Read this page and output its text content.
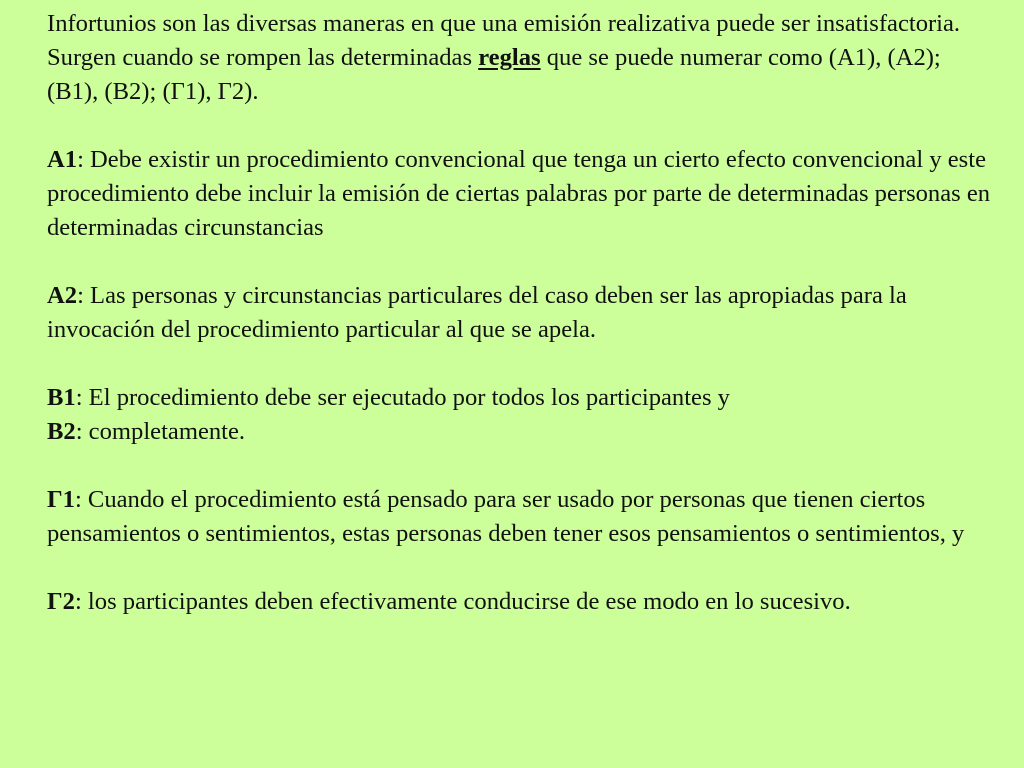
Infortunios son las diversas maneras en que una emisión realizativa puede ser insatisfactoria. Surgen cuando se rompen las determinadas reglas que se puede numerar como (A1), (A2); (B1), (B2); (Γ1), Γ2).

A1: Debe existir un procedimiento convencional que tenga un cierto efecto convencional y este procedimiento debe incluir la emisión de ciertas palabras por parte de determinadas personas en determinadas circunstancias

A2: Las personas y circunstancias particulares del caso deben ser las apropiadas para la invocación del procedimiento particular al que se apela.

B1: El procedimiento debe ser ejecutado por todos los participantes y

B2: completamente.

Γ1: Cuando el procedimiento está pensado para ser usado por personas que tienen ciertos pensamientos o sentimientos, estas personas deben tener esos pensamientos o sentimientos, y

Γ2: los participantes deben efectivamente conducirse de ese modo en lo sucesivo.
